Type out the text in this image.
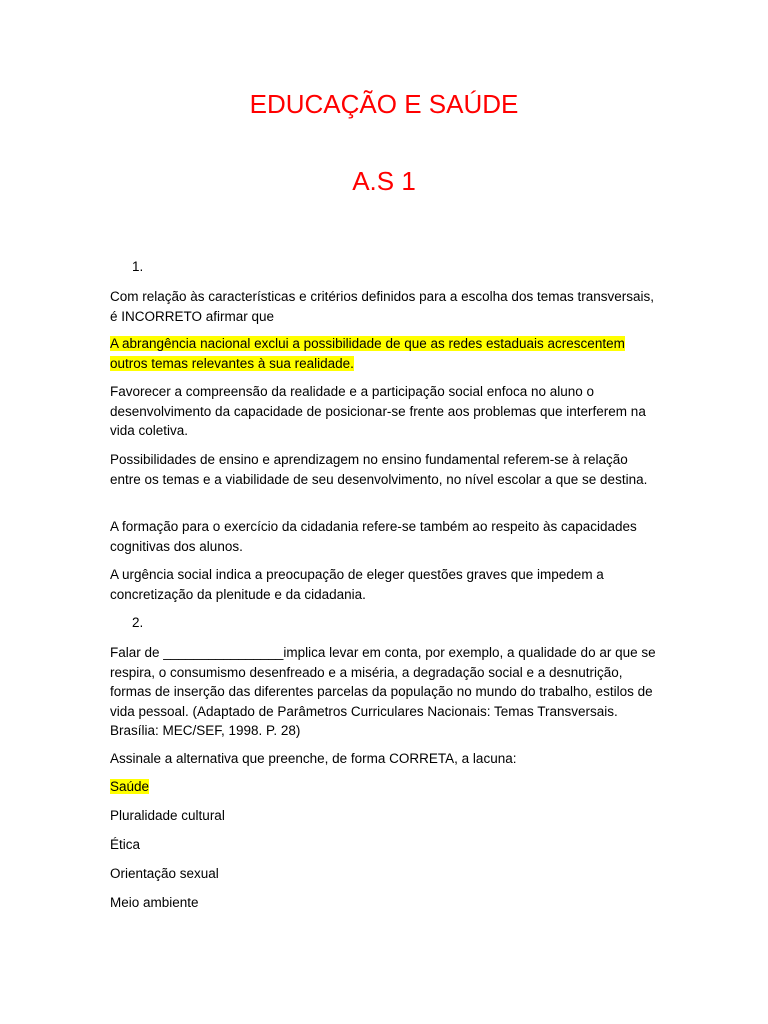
EDUCAÇÃO E SAÚDE
A.S 1
1.

Com relação às características e critérios definidos para a escolha dos temas transversais, é INCORRETO afirmar que

A abrangência nacional exclui a possibilidade de que as redes estaduais acrescentem outros temas relevantes à sua realidade.

Favorecer a compreensão da realidade e a participação social enfoca no aluno o desenvolvimento da capacidade de posicionar-se frente aos problemas que interferem na vida coletiva.

Possibilidades de ensino e aprendizagem no ensino fundamental referem-se à relação entre os temas e a viabilidade de seu desenvolvimento, no nível escolar a que se destina.

A formação para o exercício da cidadania refere-se também ao respeito às capacidades cognitivas dos alunos.

A urgência social indica a preocupação de eleger questões graves que impedem a concretização da plenitude e da cidadania.

2.

Falar de ________________implica levar em conta, por exemplo, a qualidade do ar que se respira, o consumismo desenfreado e a miséria, a degradação social e a desnutrição, formas de inserção das diferentes parcelas da população no mundo do trabalho, estilos de vida pessoal. (Adaptado de Parâmetros Curriculares Nacionais: Temas Transversais. Brasília: MEC/SEF, 1998. P. 28)

Assinale a alternativa que preenche, de forma CORRETA, a lacuna:

Saúde
Pluralidade cultural
Ética
Orientação sexual
Meio ambiente
